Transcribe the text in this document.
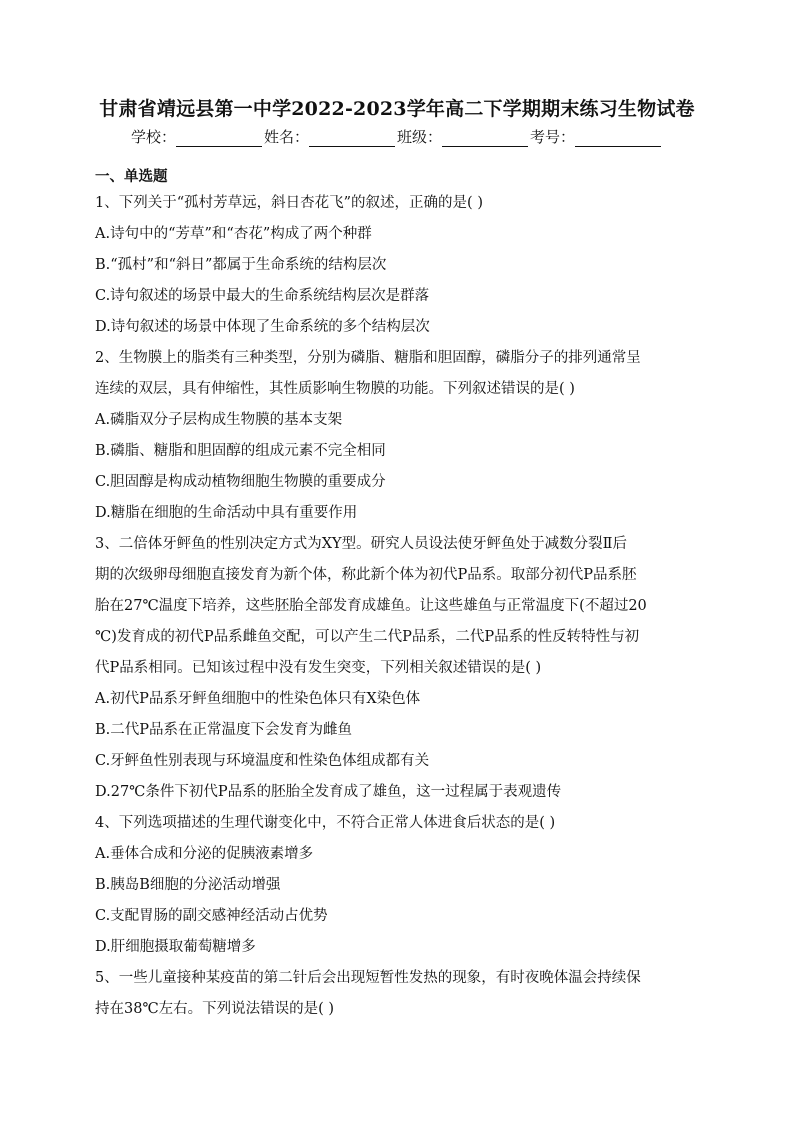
甘肃省靖远县第一中学2022-2023学年高二下学期期末练习生物试卷
学校：	姓名：	班级：	考号：
一、单选题
1、下列关于“孤村芳草远，斜日杏花飞”的叙述，正确的是( )
A.诗句中的“芳草”和“杏花”构成了两个种群
B.“孤村”和“斜日”都属于生命系统的结构层次
C.诗句叙述的场景中最大的生命系统结构层次是群落
D.诗句叙述的场景中体现了生命系统的多个结构层次
2、生物膜上的脂类有三种类型，分别为磷脂、糖脂和胆固醇，磷脂分子的排列通常呈
连续的双层，具有伸缩性，其性质影响生物膜的功能。下列叙述错误的是( )
A.磷脂双分子层构成生物膜的基本支架
B.磷脂、糖脂和胆固醇的组成元素不完全相同
C.胆固醇是构成动植物细胞生物膜的重要成分
D.糖脂在细胞的生命活动中具有重要作用
3、二倍体牙鲆鱼的性别决定方式为XY型。研究人员设法使牙鲆鱼处于减数分裂Ⅱ后
期的次级卵母细胞直接发育为新个体，称此新个体为初代P品系。取部分初代P品系胚
胎在27℃温度下培养，这些胚胎全部发育成雄鱼。让这些雄鱼与正常温度下(不超过20
℃)发育成的初代P品系雌鱼交配，可以产生二代P品系，二代P品系的性反转特性与初
代P品系相同。已知该过程中没有发生突变，下列相关叙述错误的是( )
A.初代P品系牙鲆鱼细胞中的性染色体只有X染色体
B.二代P品系在正常温度下会发育为雌鱼
C.牙鲆鱼性别表现与环境温度和性染色体组成都有关
D.27℃条件下初代P品系的胚胎全发育成了雄鱼，这一过程属于表观遗传
4、下列选项描述的生理代谢变化中，不符合正常人体进食后状态的是( )
A.垂体合成和分泌的促胰液素增多
B.胰岛B细胞的分泌活动增强
C.支配胃肠的副交感神经活动占优势
D.肝细胞摄取葡萄糖增多
5、一些儿童接种某疫苗的第二针后会出现短暂性发热的现象，有时夜晚体温会持续保
持在38℃左右。下列说法错误的是( )
